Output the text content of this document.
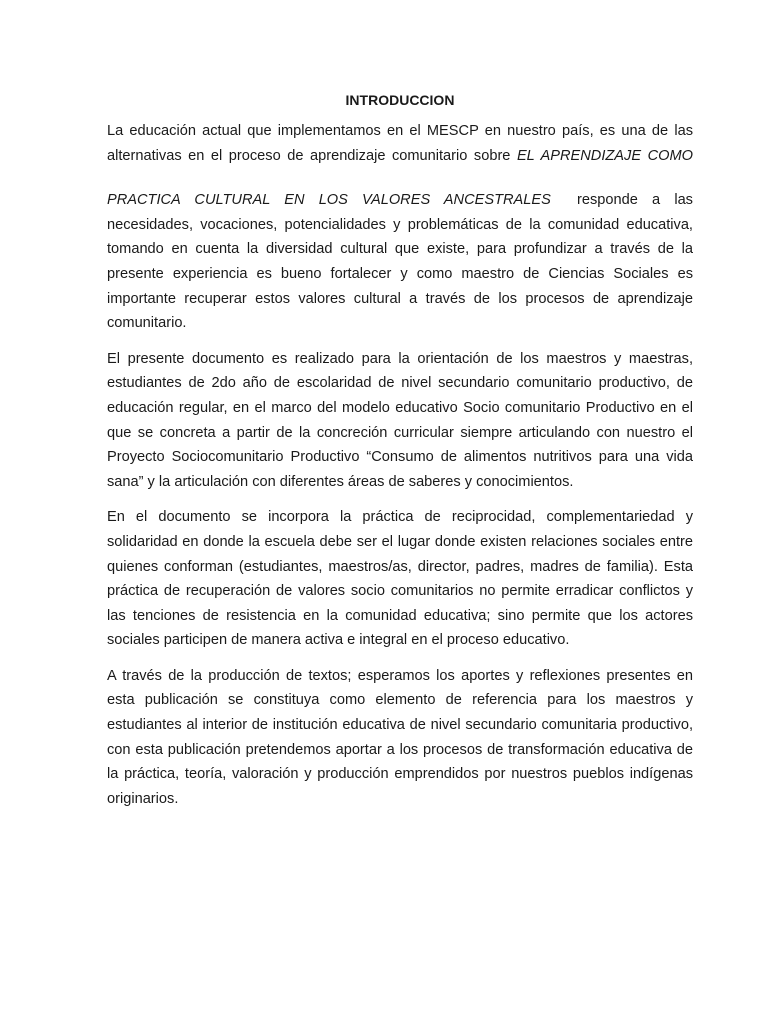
INTRODUCCION

La educación actual que implementamos en el MESCP en nuestro país, es una de las alternativas en el proceso de aprendizaje comunitario sobre EL APRENDIZAJE COMO

PRACTICA CULTURAL EN LOS VALORES ANCESTRALES responde a las necesidades, vocaciones, potencialidades y problemáticas de la comunidad educativa, tomando en cuenta la diversidad cultural que existe, para profundizar a través de la presente experiencia es bueno fortalecer y como maestro de Ciencias Sociales es importante recuperar estos valores cultural a través de los procesos de aprendizaje comunitario.

El presente documento es realizado para la orientación de los maestros y maestras, estudiantes de 2do año de escolaridad de nivel secundario comunitario productivo, de educación regular, en el marco del modelo educativo Socio comunitario Productivo en el que se concreta a partir de la concreción curricular siempre articulando con nuestro el Proyecto Sociocomunitario Productivo “Consumo de alimentos nutritivos para una vida sana” y la articulación con diferentes áreas de saberes y conocimientos.

En el documento se incorpora la práctica de reciprocidad, complementariedad y solidaridad en donde la escuela debe ser el lugar donde existen relaciones sociales entre quienes conforman (estudiantes, maestros/as, director, padres, madres de familia). Esta práctica de recuperación de valores socio comunitarios no permite erradicar conflictos y las tenciones de resistencia en la comunidad educativa; sino permite que los actores sociales participen de manera activa e integral en el proceso educativo.

A través de la producción de textos; esperamos los aportes y reflexiones presentes en esta publicación se constituya como elemento de referencia para los maestros y estudiantes al interior de institución educativa de nivel secundario comunitaria productivo, con esta publicación pretendemos aportar a los procesos de transformación educativa de la práctica, teoría, valoración y producción emprendidos por nuestros pueblos indígenas originarios.
